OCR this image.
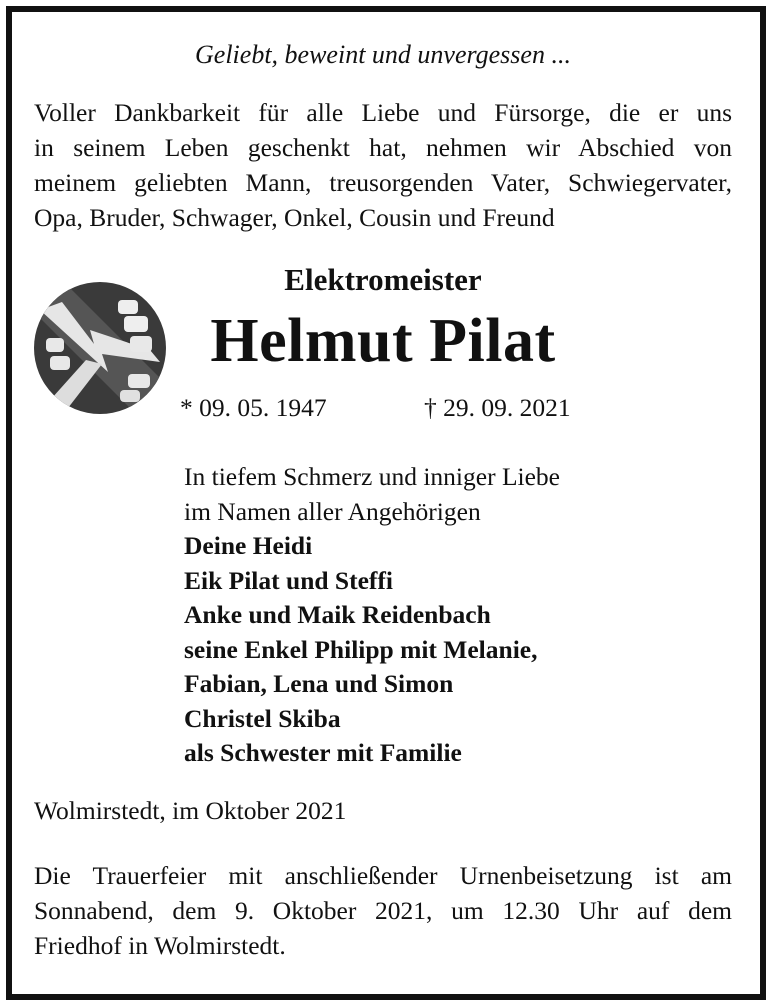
Geliebt, beweint und unvergessen ...
Voller Dankbarkeit für alle Liebe und Fürsorge, die er uns
in seinem Leben geschenkt hat, nehmen wir Abschied von
meinem geliebten Mann, treusorgenden Vater, Schwiegervater,
Opa, Bruder, Schwager, Onkel, Cousin und Freund
Elektromeister
Helmut Pilat
* 09. 05. 1947	† 29. 09. 2021
In tiefem Schmerz und inniger Liebe
im Namen aller Angehörigen
Deine Heidi
Eik Pilat und Steffi
Anke und Maik Reidenbach
seine Enkel Philipp mit Melanie,
Fabian, Lena und Simon
Christel Skiba
als Schwester mit Familie
Wolmirstedt, im Oktober 2021
Die Trauerfeier mit anschließender Urnenbeisetzung ist am
Sonnabend, dem 9. Oktober 2021, um 12.30 Uhr auf dem
Friedhof in Wolmirstedt.
